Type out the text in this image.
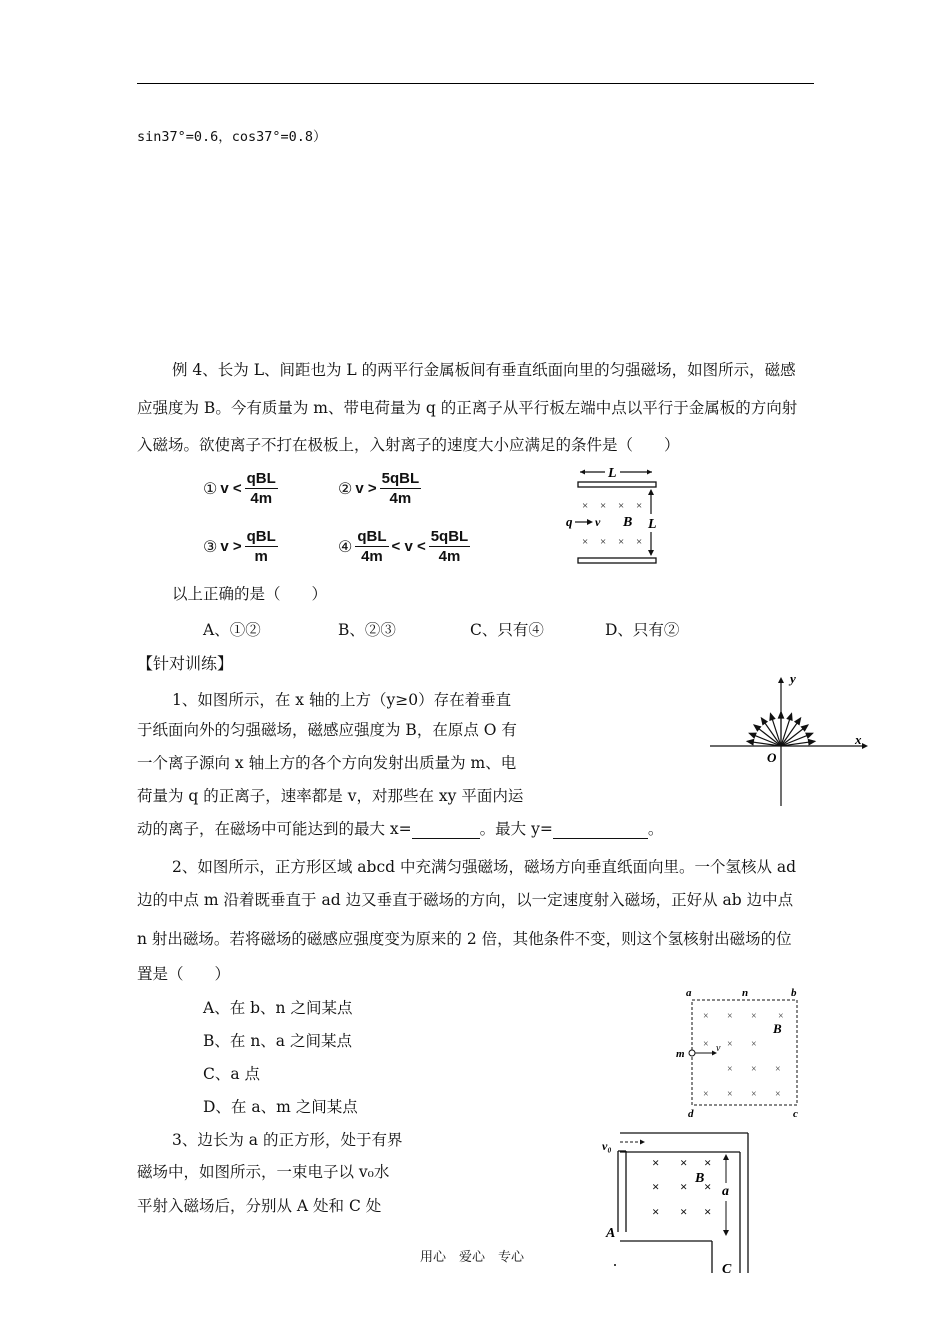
sin37°=0.6，cos37°=0.8）
例 4、长为 L、间距也为 L 的两平行金属板间有垂直纸面向里的匀强磁场，如图所示，磁感
应强度为 B。今有质量为 m、带电荷量为 q 的正离子从平行板左端中点以平行于金属板的方向射
入磁场。欲使离子不打在极板上，入射离子的速度大小应满足的条件是（　　）
① $v < \frac{\text{qBL}}{4m}$	② $v > \frac{\text{5qBL}}{4m}$
③ $v > \frac{\text{qBL}}{m}$	④ $\frac{\text{qBL}}{4m} < v < \frac{\text{5qBL}}{4m}$
L
× × × ×
× × × ×
q v B L
以上正确的是（　　）
A、①②	B、②③	C、只有④	D、只有②
【针对训练】
1、如图所示，在 x 轴的上方（y≥0）存在着垂直
于纸面向外的匀强磁场，磁感应强度为 B，在原点 O 有
一个离子源向 x 轴上方的各个方向发射出质量为 m、电
荷量为 q 的正离子，速率都是 v，对那些在 xy 平面内运
动的离子，在磁场中可能达到的最大 x=	。最大 y=	。
y
x
O
2、如图所示，正方形区域 abcd 中充满匀强磁场，磁场方向垂直纸面向里。一个氢核从 ad
边的中点 m 沿着既垂直于 ad 边又垂直于磁场的方向，以一定速度射入磁场，正好从 ab 边中点
n 射出磁场。若将磁场的磁感应强度变为原来的 2 倍，其他条件不变，则这个氢核射出磁场的位
置是（　　）
A、在 b、n 之间某点
B、在 n、a 之间某点
C、a 点
D、在 a、m 之间某点
a	n	b
B
× × × ×
× × ×
× × ×
× × × ×
m	v
d	c
3、边长为 a 的正方形，处于有界
磁场中，如图所示，一束电子以 v₀水
平射入磁场后，分别从 A 处和 C 处
v₀
× × ×
× × ×
× × ×
B
a
A
C
用心　爱心　专心
